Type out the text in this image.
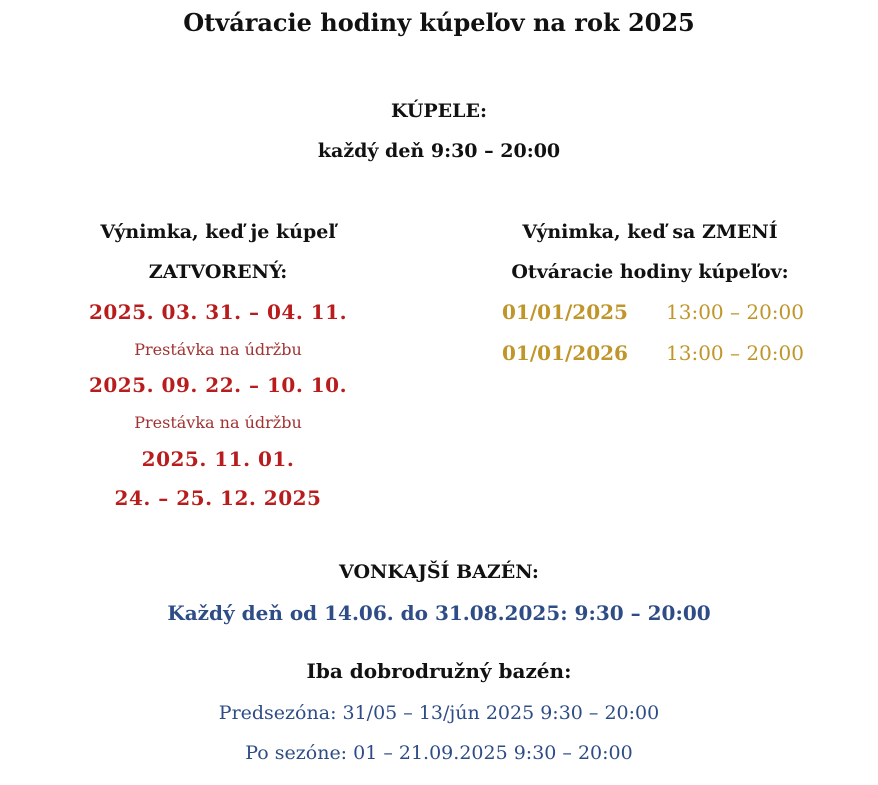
Otváracie hodiny kúpeľov na rok 2025
KÚPELE:
každý deň 9:30 – 20:00
Výnimka, keď je kúpeľ
ZATVORENÝ:
2025. 03. 31. – 04. 11.
Prestávka na údržbu
2025. 09. 22. – 10. 10.
Prestávka na údržbu
2025. 11. 01.
24. – 25. 12. 2025
Výnimka, keď sa ZMENÍ
Otváracie hodiny kúpeľov:
01/01/2025 13:00 – 20:00
01/01/2026 13:00 – 20:00
VONKAJŠÍ BAZÉN:
Každý deň od 14.06. do 31.08.2025: 9:30 – 20:00
Iba dobrodružný bazén:
Predsezóna: 31/05 – 13/jún 2025 9:30 – 20:00
Po sezóne: 01 – 21.09.2025 9:30 – 20:00
